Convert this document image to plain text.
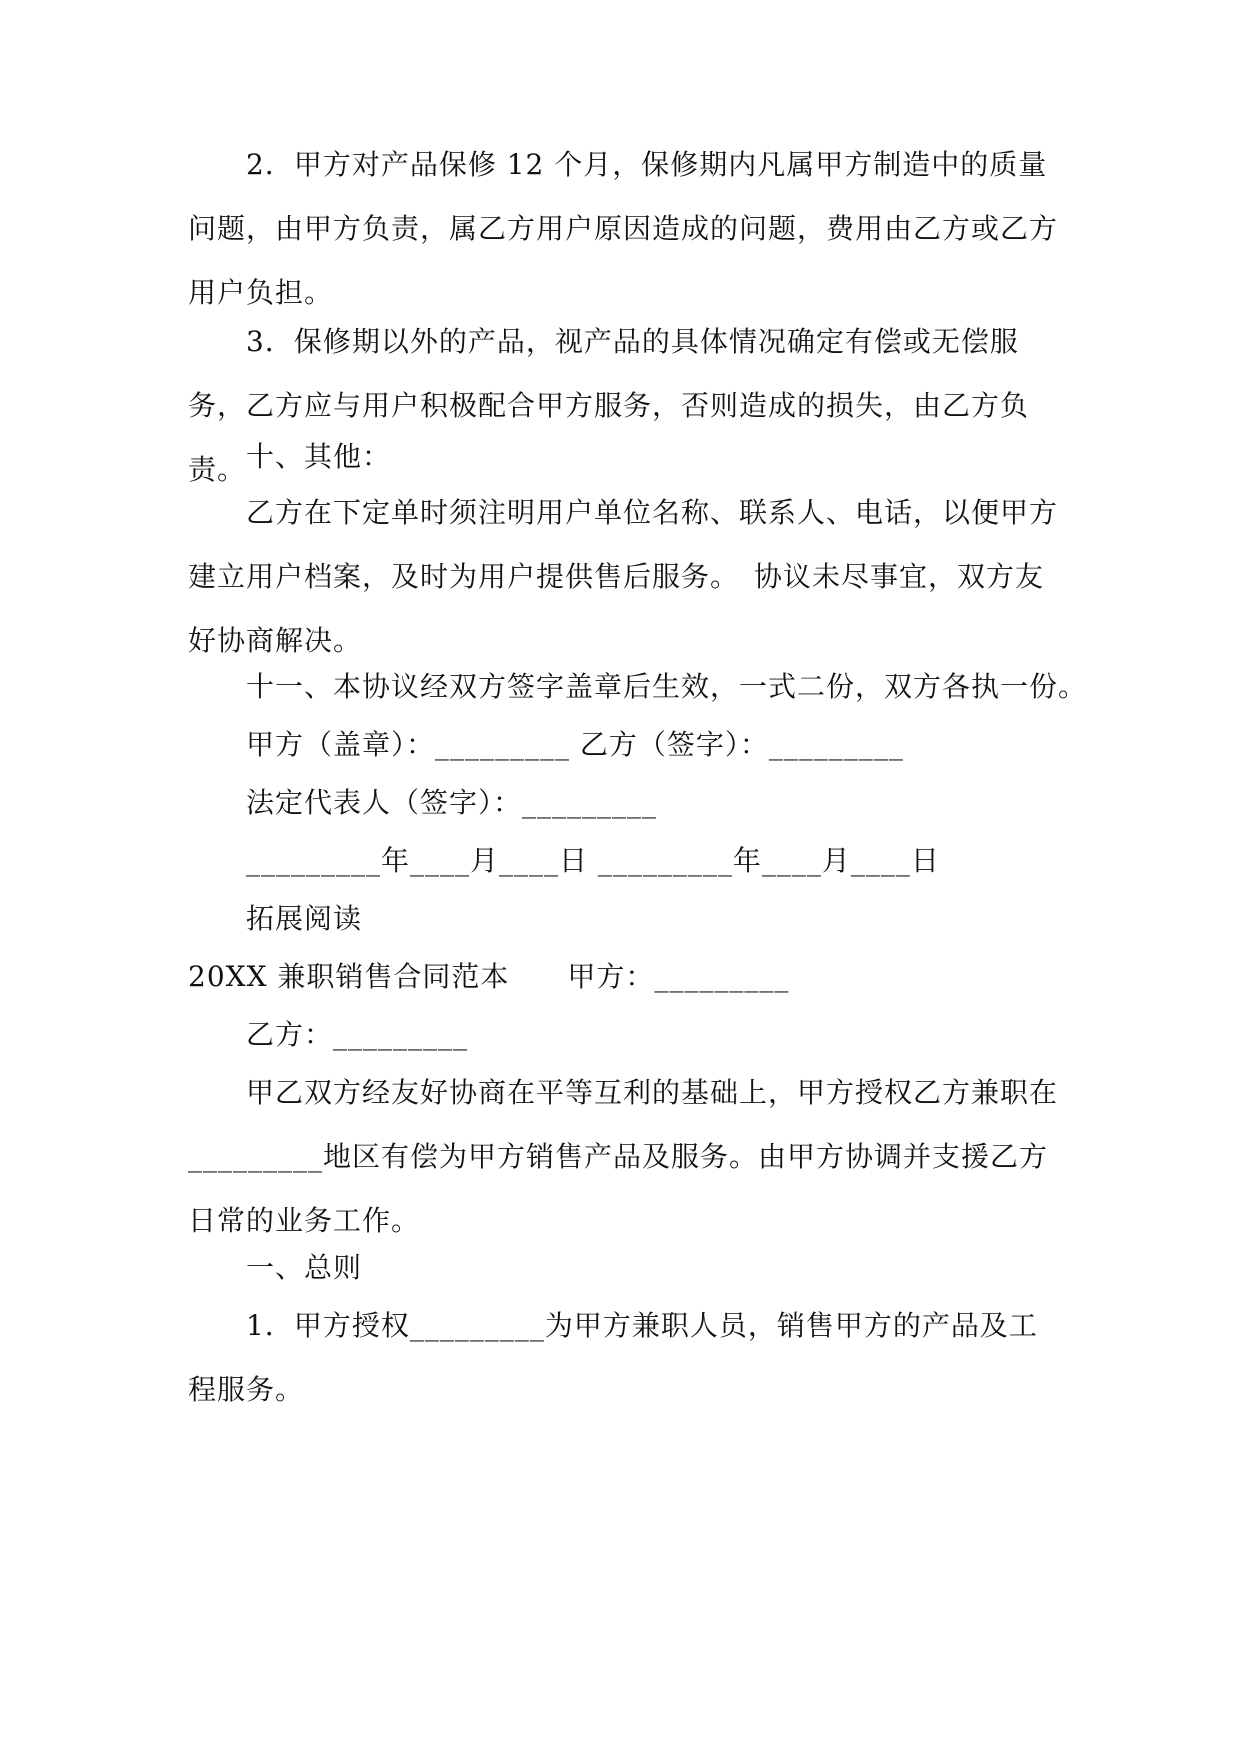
2．甲方对产品保修 12 个月，保修期内凡属甲方制造中的质量问题，由甲方负责，属乙方用户原因造成的问题，费用由乙方或乙方用户负担。

3．保修期以外的产品，视产品的具体情况确定有偿或无偿服务，乙方应与用户积极配合甲方服务，否则造成的损失，由乙方负责。 十、其他：

乙方在下定单时须注明用户单位名称、联系人、电话，以便甲方建立用户档案，及时为用户提供售后服务。　协议未尽事宜，双方友好协商解决。

十一、本协议经双方签字盖章后生效，一式二份，双方各执一份。

甲方（盖章）：_________ 乙方（签字）：_________

法定代表人（签字）：_________

_________年____月____日 _________年____月____日

拓展阅读

20XX 兼职销售合同范本　　甲方：_________

乙方：_________

甲乙双方经友好协商在平等互利的基础上，甲方授权乙方兼职在_________地区有偿为甲方销售产品及服务。由甲方协调并支援乙方日常的业务工作。

一、总则

1．甲方授权_________为甲方兼职人员，销售甲方的产品及工程服务。
